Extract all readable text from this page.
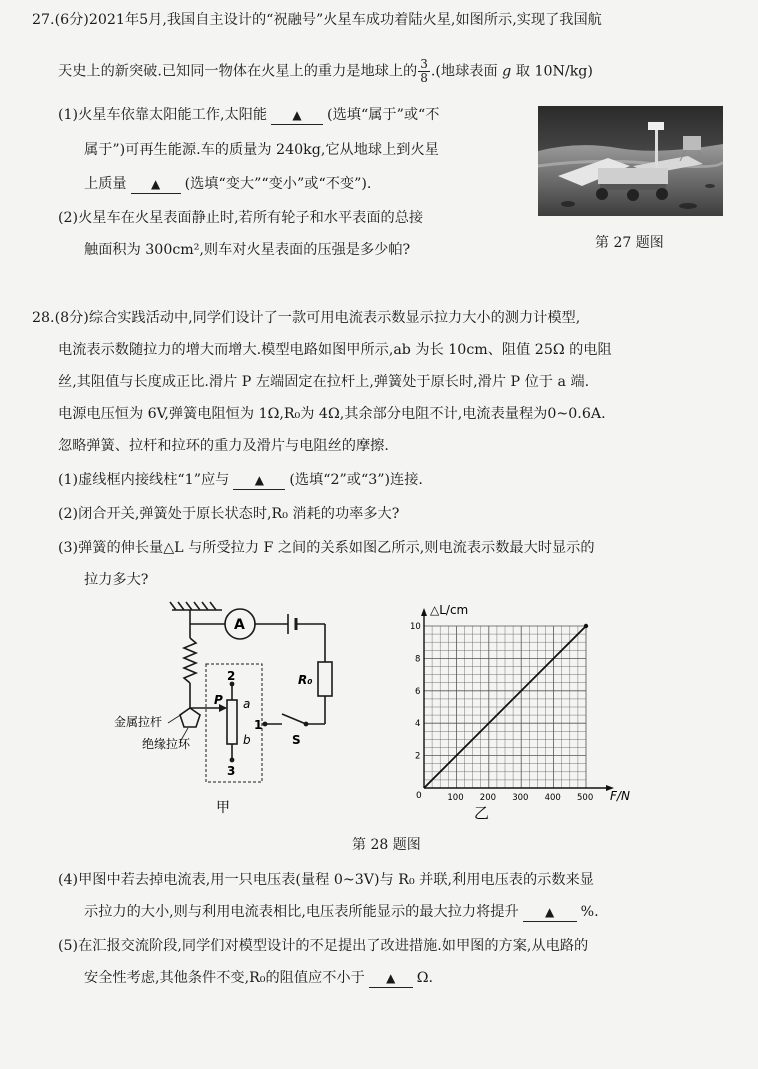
27.(6分)2021年5月,我国自主设计的“祝融号”火星车成功着陆火星,如图所示,实现了我国航
天史上的新突破.已知同一物体在火星上的重力是地球上的 $\frac{3}{8}$ .(地球表面 g 取 10N/kg)
(1)火星车依靠太阳能工作,太阳能 ▲ (选填“属于”或“不
属于”)可再生能源.车的质量为 240kg,它从地球上到火星
上质量 ▲ (选填“变大”“变小”或“不变”).
(2)火星车在火星表面静止时,若所有轮子和水平表面的总接
触面积为 300cm²,则车对火星表面的压强是多少帕?	第 27 题图
28.(8分)综合实践活动中,同学们设计了一款可用电流表示数显示拉力大小的测力计模型,
电流表示数随拉力的增大而增大.模型电路如图甲所示,ab 为长 10cm、阻值 25Ω 的电阻
丝,其阻值与长度成正比.滑片 P 左端固定在拉杆上,弹簧处于原长时,滑片 P 位于 a 端.
电源电压恒为 6V,弹簧电阻恒为 1Ω,R₀为 4Ω,其余部分电阻不计,电流表量程为0~0.6A.
忽略弹簧、拉杆和拉环的重力及滑片与电阻丝的摩擦.
(1)虚线框内接线柱“1”应与 ▲ (选填“2”或“3”)连接.
(2)闭合开关,弹簧处于原长状态时,R₀ 消耗的功率多大?
(3)弹簧的伸长量△L 与所受拉力 F 之间的关系如图乙所示,则电流表示数最大时显示的
拉力多大?
A
2
3
1
a
b
P
R₀
S
金属拉杆
绝缘拉环
甲
100 200 300 400 500
2
4
6
8
10
△L/cm
F/N
0
乙
第 28 题图
(4)甲图中若去掉电流表,用一只电压表(量程 0~3V)与 R₀ 并联,利用电压表的示数来显
示拉力的大小,则与利用电流表相比,电压表所能显示的最大拉力将提升 ▲ %.
(5)在汇报交流阶段,同学们对模型设计的不足提出了改进措施.如甲图的方案,从电路的
安全性考虑,其他条件不变,R₀的阻值应不小于 ▲ Ω.
